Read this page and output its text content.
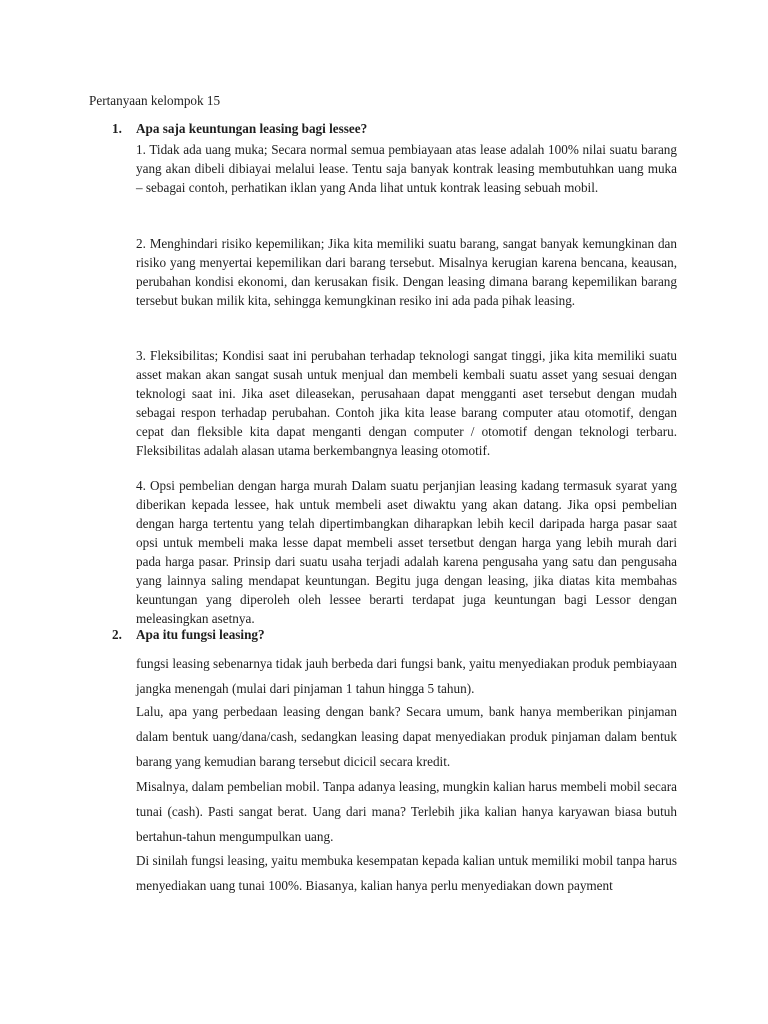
Pertanyaan kelompok 15

1. Apa saja keuntungan leasing bagi lessee?

1. Tidak ada uang muka; Secara normal semua pembiayaan atas lease adalah 100% nilai suatu barang yang akan dibeli dibiayai melalui lease. Tentu saja banyak kontrak leasing membutuhkan uang muka – sebagai contoh, perhatikan iklan yang Anda lihat untuk kontrak leasing sebuah mobil.

2. Menghindari risiko kepemilikan; Jika kita memiliki suatu barang, sangat banyak kemungkinan dan risiko yang menyertai kepemilikan dari barang tersebut. Misalnya kerugian karena bencana, keausan, perubahan kondisi ekonomi, dan kerusakan fisik. Dengan leasing dimana barang kepemilikan barang tersebut bukan milik kita, sehingga kemungkinan resiko ini ada pada pihak leasing.

3. Fleksibilitas; Kondisi saat ini perubahan terhadap teknologi sangat tinggi, jika kita memiliki suatu asset makan akan sangat susah untuk menjual dan membeli kembali suatu asset yang sesuai dengan teknologi saat ini. Jika aset dileasekan, perusahaan dapat mengganti aset tersebut dengan mudah sebagai respon terhadap perubahan. Contoh jika kita lease barang computer atau otomotif, dengan cepat dan fleksible kita dapat menganti dengan computer / otomotif dengan teknologi terbaru. Fleksibilitas adalah alasan utama berkembangnya leasing otomotif.

4. Opsi pembelian dengan harga murah Dalam suatu perjanjian leasing kadang termasuk syarat yang diberikan kepada lessee, hak untuk membeli aset diwaktu yang akan datang. Jika opsi pembelian dengan harga tertentu yang telah dipertimbangkan diharapkan lebih kecil daripada harga pasar saat opsi untuk membeli maka lesse dapat membeli asset tersetbut dengan harga yang lebih murah dari pada harga pasar. Prinsip dari suatu usaha terjadi adalah karena pengusaha yang satu dan pengusaha yang lainnya saling mendapat keuntungan. Begitu juga dengan leasing, jika diatas kita membahas keuntungan yang diperoleh oleh lessee berarti terdapat juga keuntungan bagi Lessor dengan meleasingkan asetnya.

2. Apa itu fungsi leasing?

fungsi leasing sebenarnya tidak jauh berbeda dari fungsi bank, yaitu menyediakan produk pembiayaan jangka menengah (mulai dari pinjaman 1 tahun hingga 5 tahun).

Lalu, apa yang perbedaan leasing dengan bank? Secara umum, bank hanya memberikan pinjaman dalam bentuk uang/dana/cash, sedangkan leasing dapat menyediakan produk pinjaman dalam bentuk barang yang kemudian barang tersebut dicicil secara kredit.

Misalnya, dalam pembelian mobil. Tanpa adanya leasing, mungkin kalian harus membeli mobil secara tunai (cash). Pasti sangat berat. Uang dari mana? Terlebih jika kalian hanya karyawan biasa butuh bertahun-tahun mengumpulkan uang.

Di sinilah fungsi leasing, yaitu membuka kesempatan kepada kalian untuk memiliki mobil tanpa harus menyediakan uang tunai 100%. Biasanya, kalian hanya perlu menyediakan down payment
